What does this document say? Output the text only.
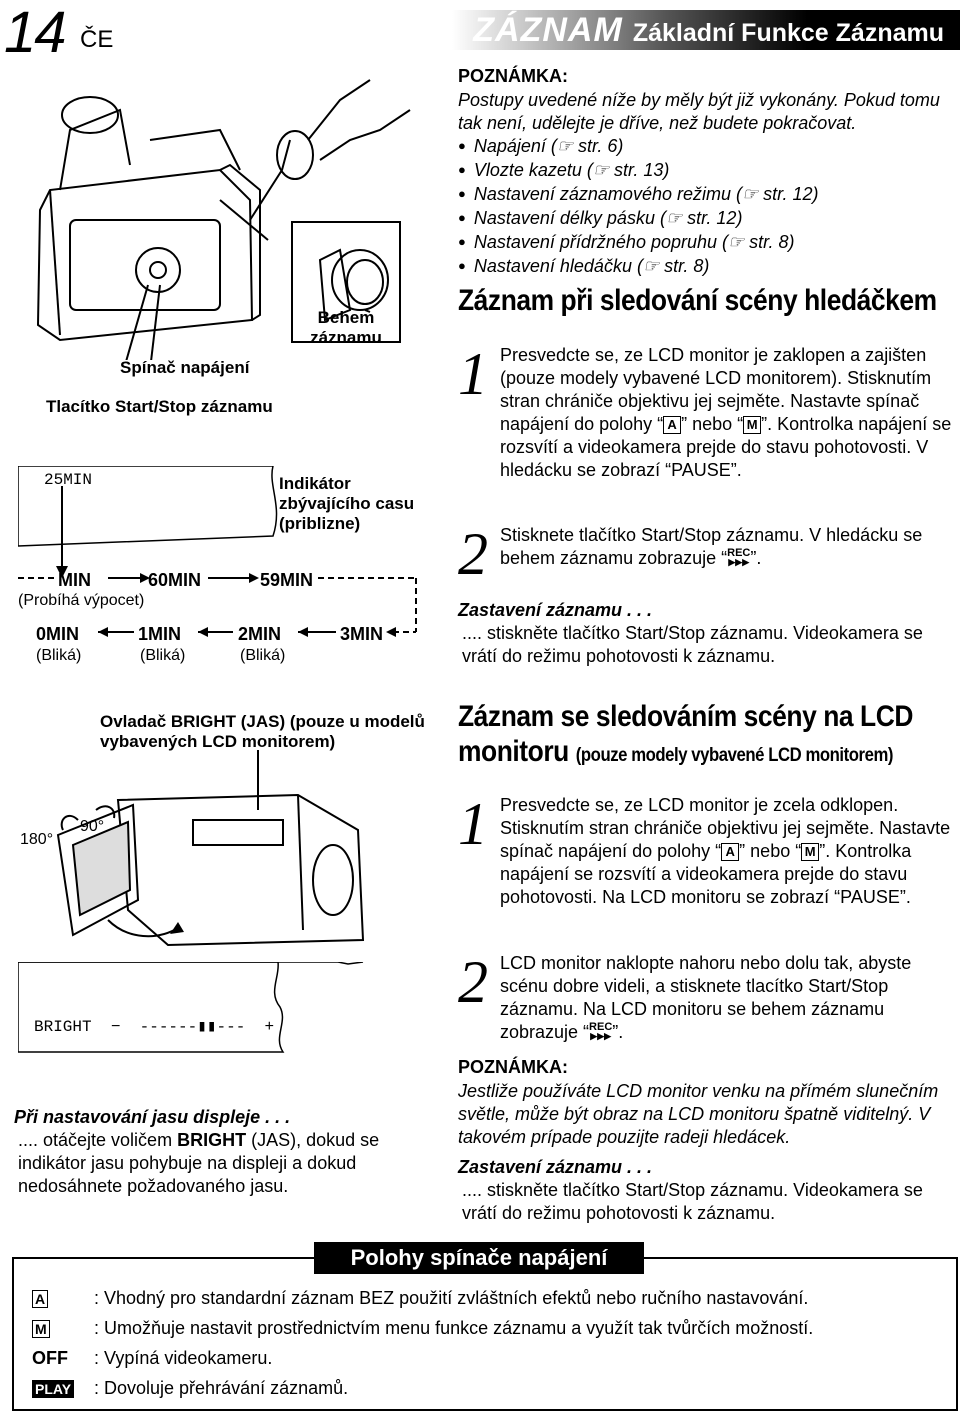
14 ČE	ZÁZNAM Základní Funkce Záznamu
Behem záznamu
Spínač napájení
Tlacítko Start/Stop záznamu
25MIN	Indikátor zbývajícího casu (priblizne)
MIN	60MIN	59MIN
(Probíhá výpocet)
0MIN	1MIN	2MIN	3MIN
(Bliká)	(Bliká)	(Bliká)
Ovladač BRIGHT (JAS) (pouze u modelů vybavených LCD monitorem)
180°
90°
BRIGHT  −  ------▮▮---  +
Při nastavování jasu displeje . . .
.... otáčejte voličem BRIGHT (JAS), dokud se indikátor jasu pohybuje na displeji a dokud nedosáhnete požadovaného jasu.
POZNÁMKA:
Postupy uvedené níže by měly být již vykonány. Pokud tomu tak není, udělejte je dříve, než budete pokračovat.
● Napájení (☞ str. 6)
● Vlozte kazetu (☞ str. 13)
● Nastavení záznamového režimu (☞ str. 12)
● Nastavení délky pásku (☞ str. 12)
● Nastavení přídržného popruhu (☞ str. 8)
● Nastavení hledáčku (☞ str. 8)
Záznam při sledování scény hledáčkem
1 Presvedcte se, ze LCD monitor je zaklopen a zajišten (pouze modely vybavené LCD monitorem). Stisknutím stran chrániče objektivu jej sejměte. Nastavte spínač napájení do polohy “ A ” nebo “ M ”. Kontrolka napájení se rozsvítí a videokamera prejde do stavu pohotovosti. V hledácku se zobrazí “PAUSE”.
2 Stisknete tlačítko Start/Stop záznamu. V hledácku se behem záznamu zobrazuje “ REC
▶▶▶ ”.
Zastavení záznamu . . .
.... stiskněte tlačítko Start/Stop záznamu. Videokamera se vrátí do režimu pohotovosti k záznamu.
Záznam se sledováním scény na LCD
monitoru (pouze modely vybavené LCD monitorem)
1 Presvedcte se, ze LCD monitor je zcela odklopen. Stisknutím stran chrániče objektivu jej sejměte. Nastavte spínač napájení do polohy “ A ” nebo “ M ”. Kontrolka napájení se rozsvítí a videokamera prejde do stavu pohotovosti. Na LCD monitoru se zobrazí “PAUSE”.
2 LCD monitor naklopte nahoru nebo dolu tak, abyste scénu dobre videli, a stisknete tlacítko Start/Stop záznamu. Na LCD monitoru se behem záznamu zobrazuje “ REC
▶▶▶ ”.
POZNÁMKA:
Jestliže používáte LCD monitor venku na přímém slunečním světle, může být obraz na LCD monitoru špatně viditelný. V takovém prípade pouzijte radeji hledácek.
Zastavení záznamu . . .
.... stiskněte tlačítko Start/Stop záznamu. Videokamera se vrátí do režimu pohotovosti k záznamu.
Polohy spínače napájení
A	: Vhodný pro standardní záznam BEZ použití zvláštních efektů nebo ručního nastavování.
M	: Umožňuje nastavit prostřednictvím menu funkce záznamu a využít tak tvůrčích možností.
OFF : Vypíná videokameru.
PLAY : Dovoluje přehrávání záznamů.
